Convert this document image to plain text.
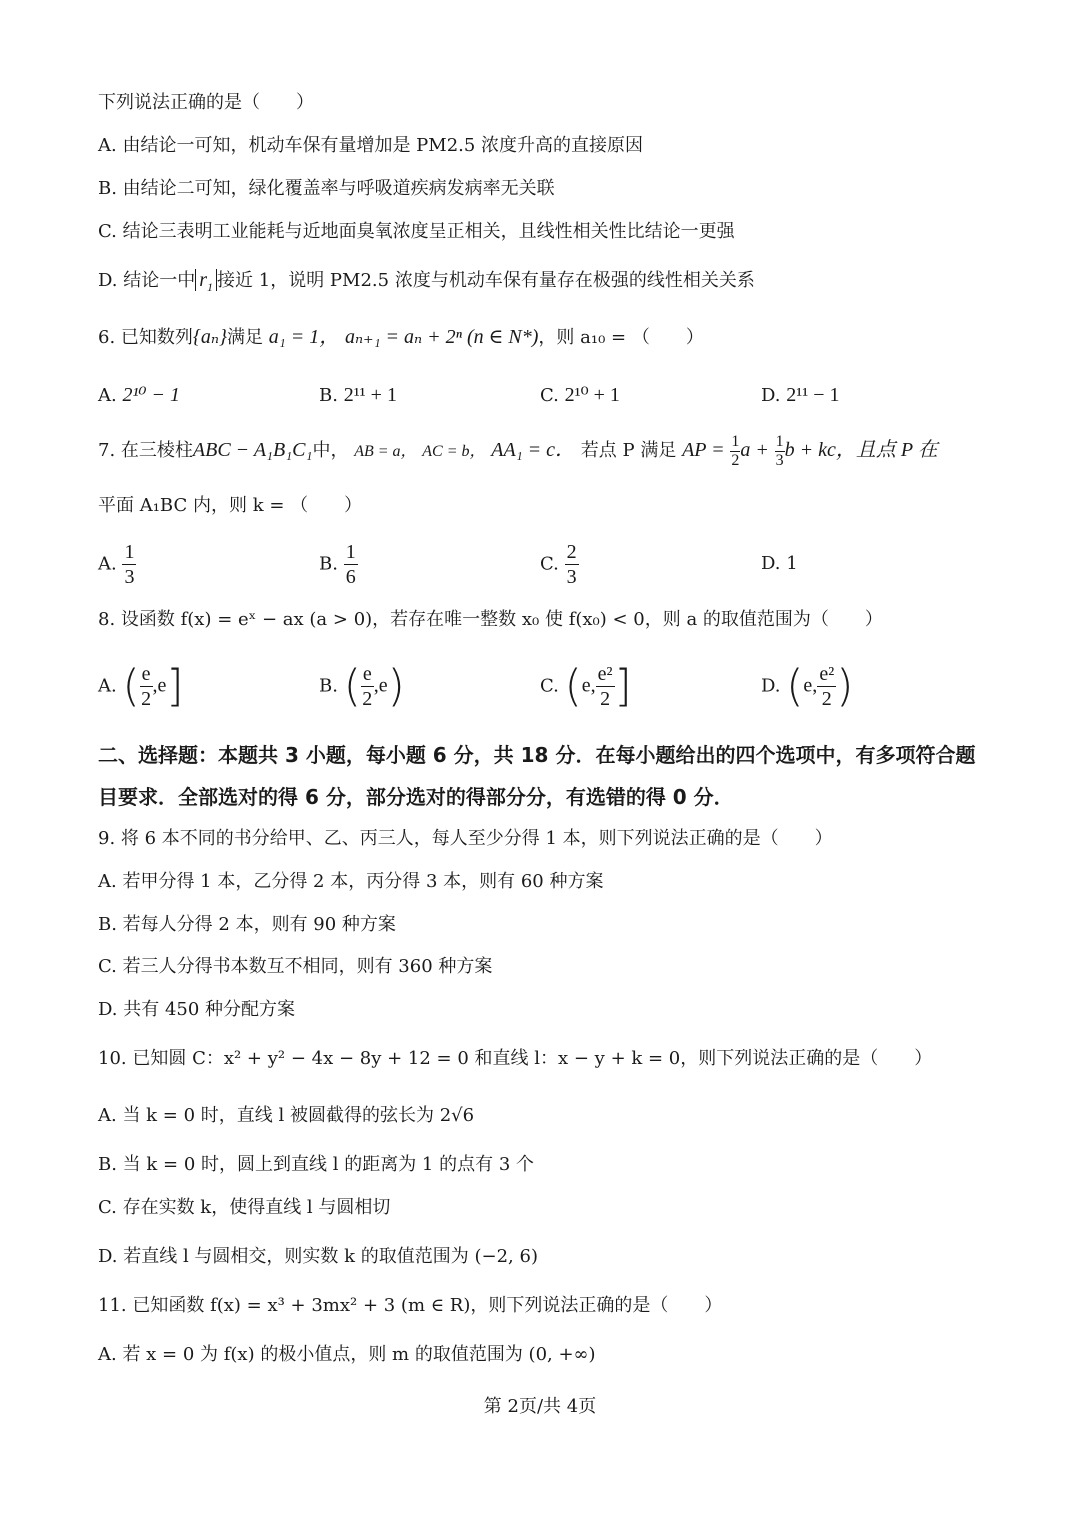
下列说法正确的是（　　）
A. 由结论一可知，机动车保有量增加是 PM2.5 浓度升高的直接原因
B. 由结论二可知，绿化覆盖率与呼吸道疾病发病率无关联
C. 结论三表明工业能耗与近地面臭氧浓度呈正相关，且线性相关性比结论一更强
D. 结论一中 $r_1$ 接近 1，说明 PM2.5 浓度与机动车保有量存在极强的线性相关关系
6. 已知数列{aₙ}满足 a₁ = 1， aₙ₊₁ = aₙ + 2ⁿ (n ∈ N*)，则 a₁₀ = （　　）
A. 2¹⁰ − 1	B. 2¹¹ + 1	C. 2¹⁰ + 1	D. 2¹¹ − 1
7. 在三棱柱ABC − A₁B₁C₁中， AB = a， AC = b， AA₁ = c． 若点 P 满足 AP = $\frac{1}{2}$ $a + \frac{1}{3}$ b + kc，且点 P 在
平面 A₁BC 内，则 k = （　　）
A. $\frac{1}{3}$	B. $\frac{1}{6}$	C. $\frac{2}{3}$	D. 1
8. 设函数 f(x) = eˣ − ax (a > 0)，若存在唯一整数 x₀ 使 f(x₀) < 0，则 a 的取值范围为（　　）
A. ( $\frac{e}{2} ,e$]	B. ( $\frac{e}{2} ,e$)	C. (e, $\frac{\text{e²}}{2}$ ]	D. (e, $\frac{\text{e²}}{2}$ )
二、选择题：本题共 3 小题，每小题 6 分，共 18 分．在每小题给出的四个选项中，有多项符合题目要求．全部选对的得 6 分，部分选对的得部分分，有选错的得 0 分．
9. 将 6 本不同的书分给甲、乙、丙三人，每人至少分得 1 本，则下列说法正确的是（　　）
A. 若甲分得 1 本，乙分得 2 本，丙分得 3 本，则有 60 种方案
B. 若每人分得 2 本，则有 90 种方案
C. 若三人分得书本数互不相同，则有 360 种方案
D. 共有 450 种分配方案
10. 已知圆 C：x² + y² − 4x − 8y + 12 = 0 和直线 l：x − y + k = 0，则下列说法正确的是（　　）
A. 当 k = 0 时，直线 l 被圆截得的弦长为 2√6
B. 当 k = 0 时，圆上到直线 l 的距离为 1 的点有 3 个
C. 存在实数 k，使得直线 l 与圆相切
D. 若直线 l 与圆相交，则实数 k 的取值范围为 (−2, 6)
11. 已知函数 f(x) = x³ + 3mx² + 3 (m ∈ R)，则下列说法正确的是（　　）
A. 若 x = 0 为 f(x) 的极小值点，则 m 的取值范围为 (0, +∞)
第 2页/共 4页
